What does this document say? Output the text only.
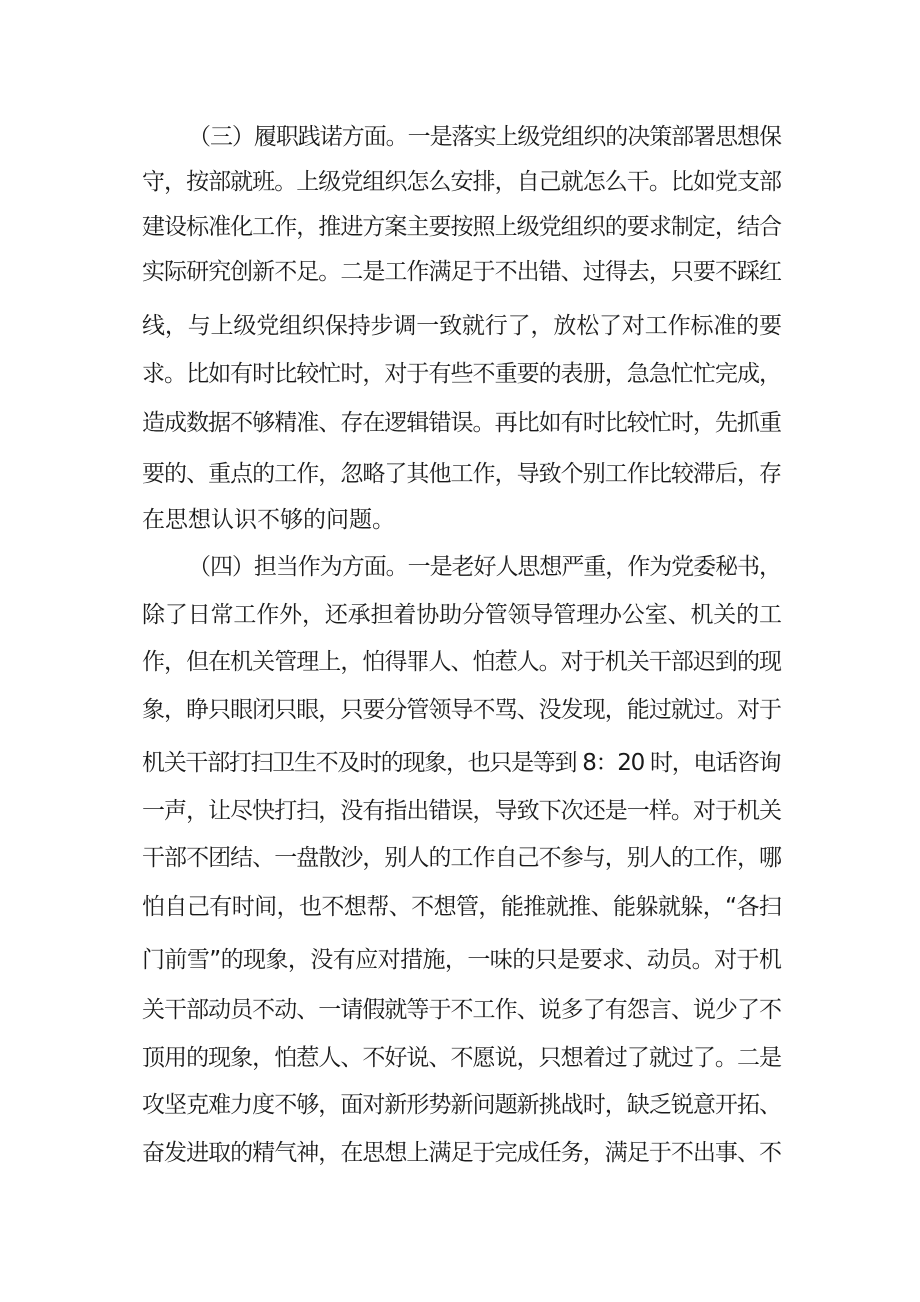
（三）履职践诺方面。一是落实上级党组织的决策部署思想保
守，按部就班。上级党组织怎么安排，自己就怎么干。比如党支部
建设标准化工作，推进方案主要按照上级党组织的要求制定，结合
实际研究创新不足。二是工作满足于不出错、过得去，只要不踩红
线，与上级党组织保持步调一致就行了，放松了对工作标准的要
求。比如有时比较忙时，对于有些不重要的表册，急急忙忙完成，
造成数据不够精准、存在逻辑错误。再比如有时比较忙时，先抓重
要的、重点的工作，忽略了其他工作，导致个别工作比较滞后，存
在思想认识不够的问题。
（四）担当作为方面。一是老好人思想严重，作为党委秘书，
除了日常工作外，还承担着协助分管领导管理办公室、机关的工
作，但在机关管理上，怕得罪人、怕惹人。对于机关干部迟到的现
象，睁只眼闭只眼，只要分管领导不骂、没发现，能过就过。对于
机关干部打扫卫生不及时的现象，也只是等到 8：20 时，电话咨询
一声，让尽快打扫，没有指出错误，导致下次还是一样。对于机关
干部不团结、一盘散沙，别人的工作自己不参与，别人的工作，哪
怕自己有时间，也不想帮、不想管，能推就推、能躲就躲，“各扫
门前雪”的现象，没有应对措施，一味的只是要求、动员。对于机
关干部动员不动、一请假就等于不工作、说多了有怨言、说少了不
顶用的现象，怕惹人、不好说、不愿说，只想着过了就过了。二是
攻坚克难力度不够，面对新形势新问题新挑战时，缺乏锐意开拓、
奋发进取的精气神，在思想上满足于完成任务，满足于不出事、不
